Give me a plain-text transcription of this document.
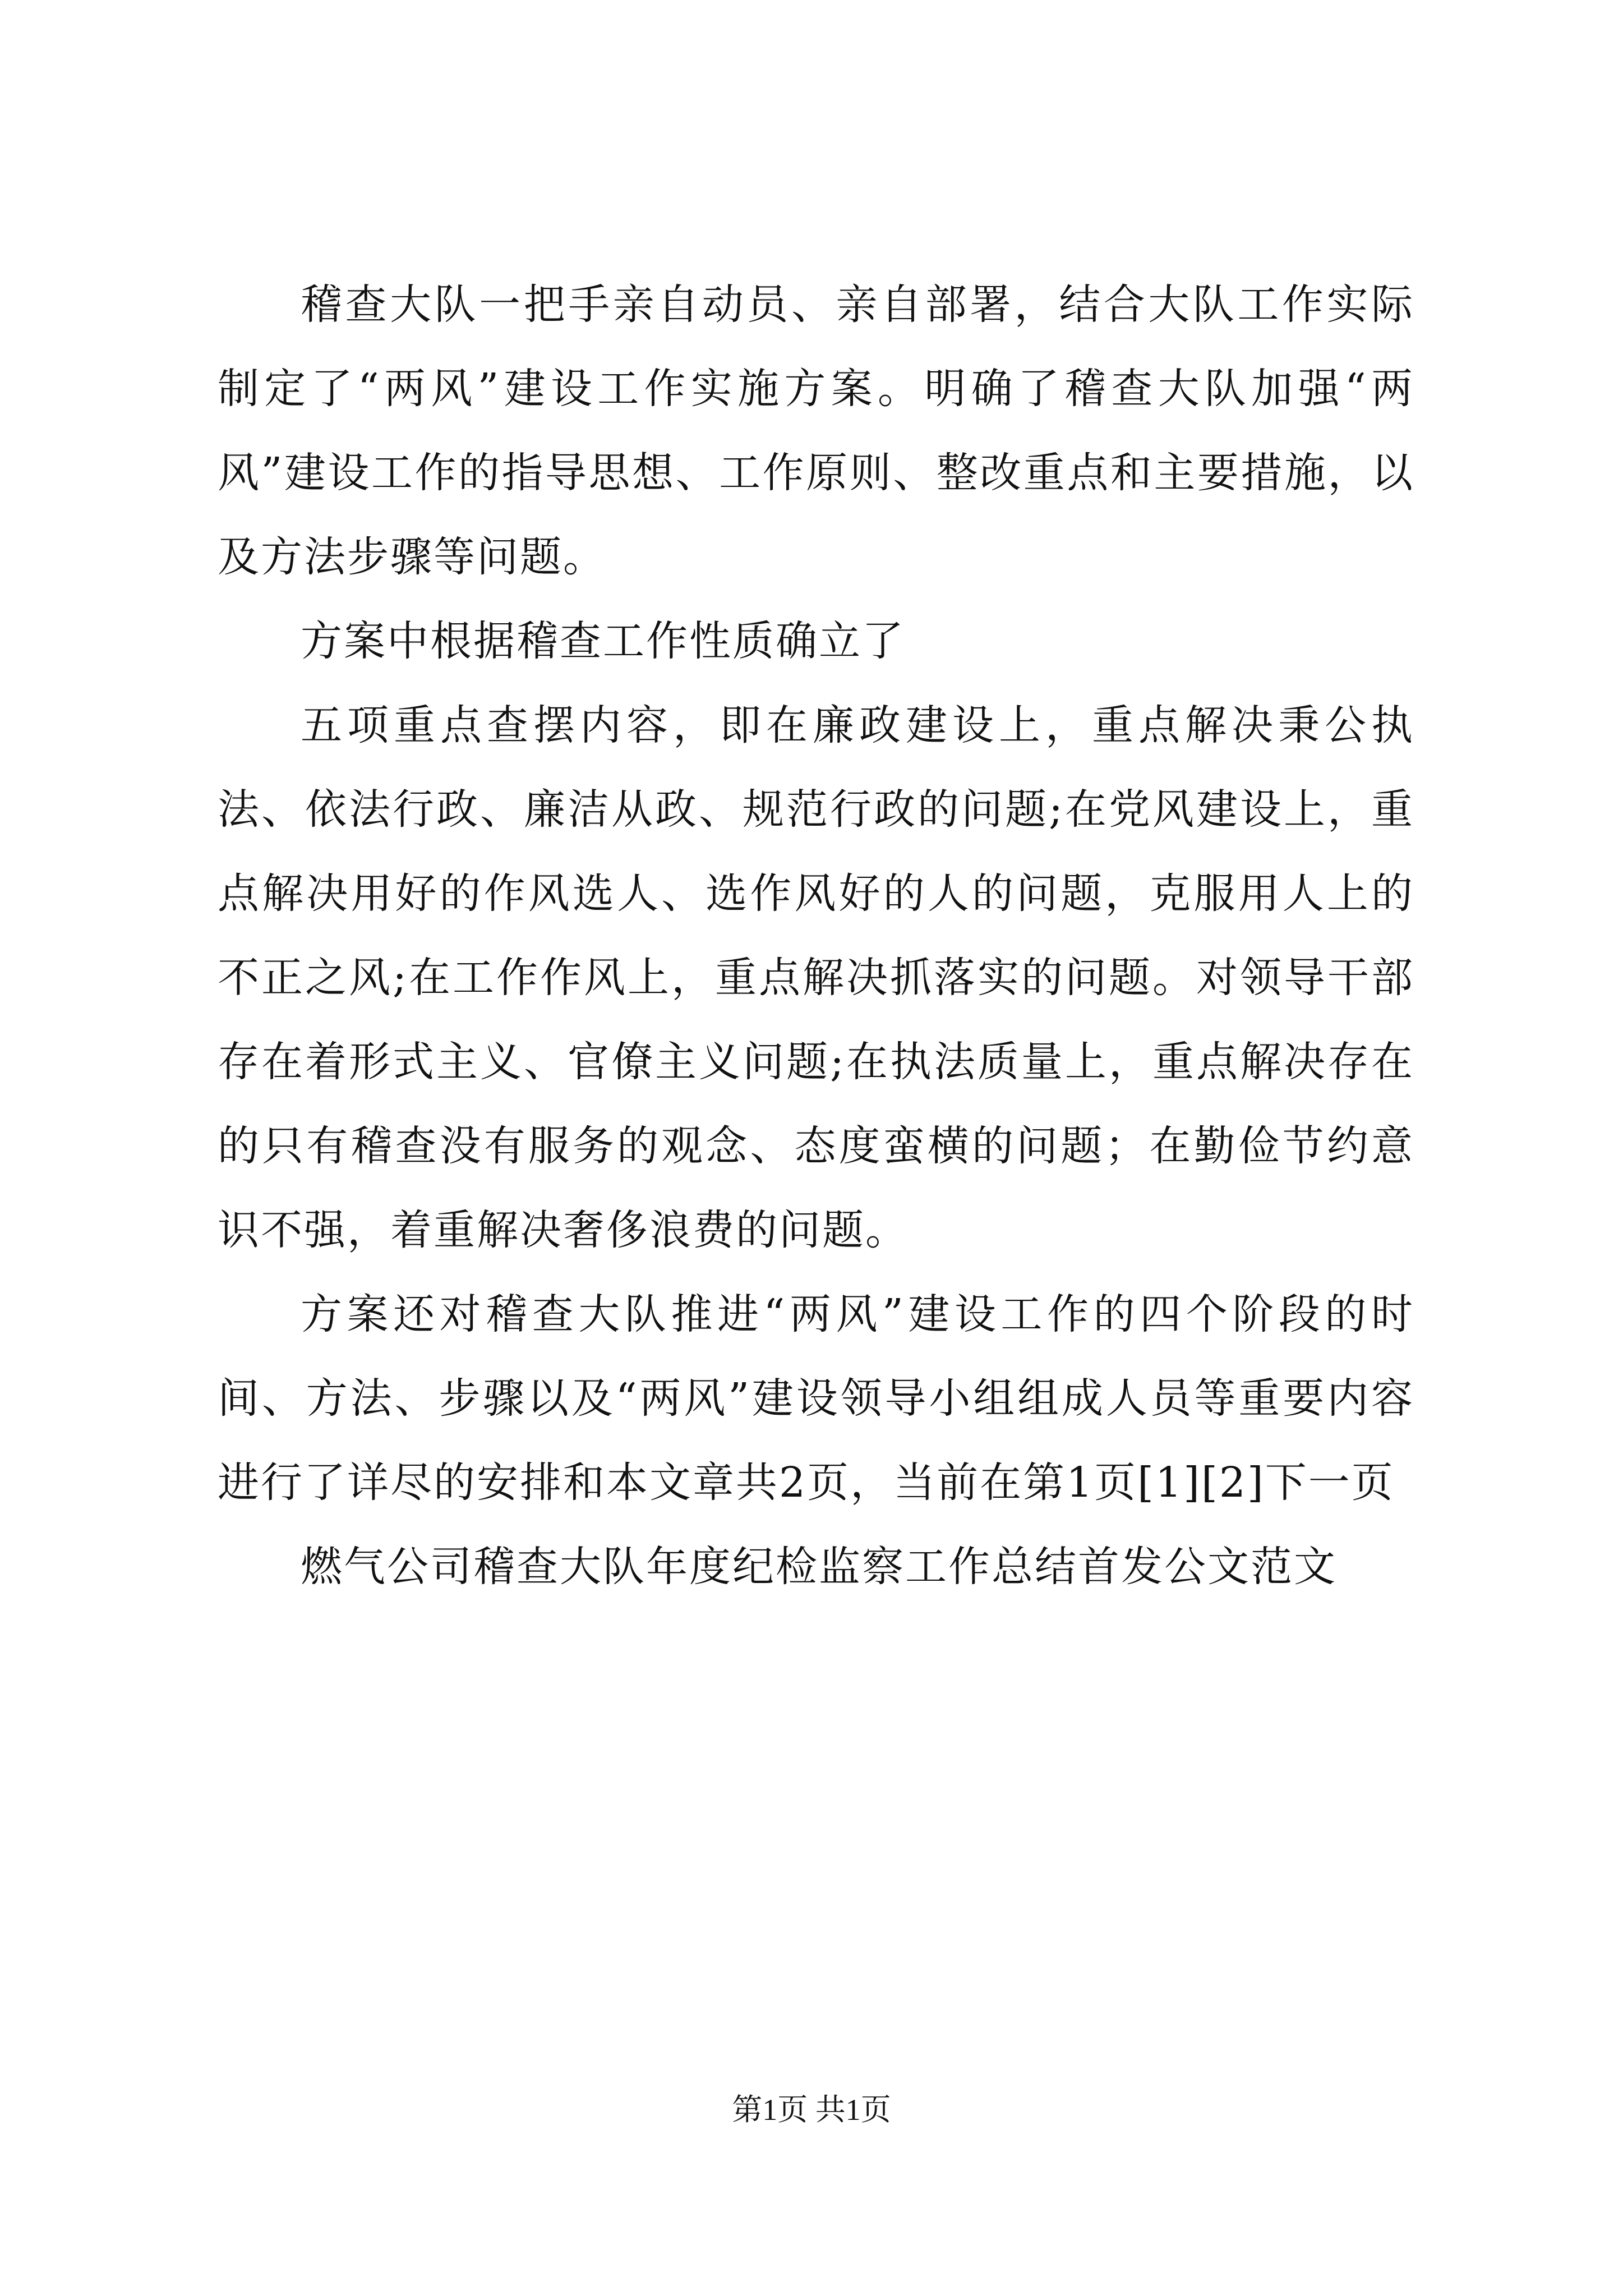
稽查大队一把手亲自动员、亲自部署，结合大队工作实际制定了“两风”建设工作实施方案。明确了稽查大队加强“两风”建设工作的指导思想、工作原则、整改重点和主要措施，以及方法步骤等问题。

方案中根据稽查工作性质确立了

五项重点查摆内容，即在廉政建设上，重点解决秉公执法、依法行政、廉洁从政、规范行政的问题;在党风建设上，重点解决用好的作风选人、选作风好的人的问题，克服用人上的不正之风;在工作作风上，重点解决抓落实的问题。对领导干部存在着形式主义、官僚主义问题;在执法质量上，重点解决存在的只有稽查没有服务的观念、态度蛮横的问题；在勤俭节约意识不强，着重解决奢侈浪费的问题。

方案还对稽查大队推进“两风”建设工作的四个阶段的时间、方法、步骤以及“两风”建设领导小组组成人员等重要内容进行了详尽的安排和本文章共2页，当前在第1页[1][2]下一页

燃气公司稽查大队年度纪检监察工作总结首发公文范文

第1页 共1页
